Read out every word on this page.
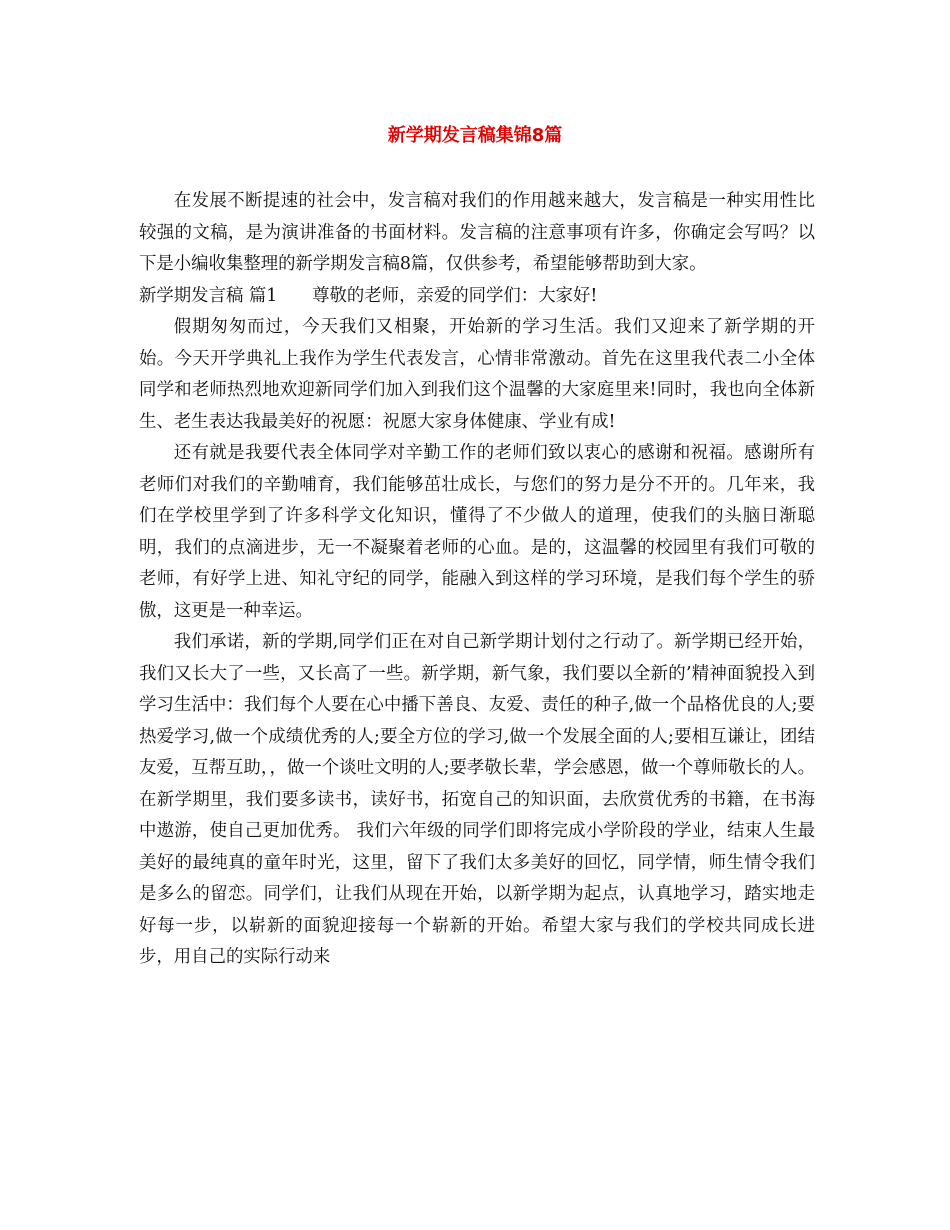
新学期发言稿集锦8篇

在发展不断提速的社会中，发言稿对我们的作用越来越大，发言稿是一种实用性比较强的文稿，是为演讲准备的书面材料。发言稿的注意事项有许多，你确定会写吗？以下是小编收集整理的新学期发言稿8篇，仅供参考，希望能够帮助到大家。

新学期发言稿 篇1　　尊敬的老师，亲爱的同学们：大家好!

假期匆匆而过，今天我们又相聚，开始新的学习生活。我们又迎来了新学期的开始。今天开学典礼上我作为学生代表发言，心情非常激动。首先在这里我代表二小全体同学和老师热烈地欢迎新同学们加入到我们这个温馨的大家庭里来!同时，我也向全体新生、老生表达我最美好的祝愿：祝愿大家身体健康、学业有成!

还有就是我要代表全体同学对辛勤工作的老师们致以衷心的感谢和祝福。感谢所有老师们对我们的辛勤哺育，我们能够茁壮成长，与您们的努力是分不开的。几年来，我们在学校里学到了许多科学文化知识，懂得了不少做人的道理，使我们的头脑日渐聪明，我们的点滴进步，无一不凝聚着老师的心血。是的，这温馨的校园里有我们可敬的老师，有好学上进、知礼守纪的同学，能融入到这样的学习环境，是我们每个学生的骄傲，这更是一种幸运。

我们承诺，新的学期,同学们正在对自己新学期计划付之行动了。新学期已经开始，我们又长大了一些，又长高了一些。新学期，新气象，我们要以全新的’精神面貌投入到学习生活中：我们每个人要在心中播下善良、友爱、责任的种子,做一个品格优良的人;要热爱学习,做一个成绩优秀的人;要全方位的学习,做一个发展全面的人;要相互谦让，团结友爱，互帮互助，，做一个谈吐文明的人;要孝敬长辈，学会感恩，做一个尊师敬长的人。在新学期里，我们要多读书，读好书，拓宽自己的知识面，去欣赏优秀的书籍，在书海中遨游，使自己更加优秀。 我们六年级的同学们即将完成小学阶段的学业，结束人生最美好的最纯真的童年时光，这里，留下了我们太多美好的回忆，同学情，师生情令我们是多么的留恋。同学们，让我们从现在开始，以新学期为起点，认真地学习，踏实地走好每一步，以崭新的面貌迎接每一个崭新的开始。希望大家与我们的学校共同成长进步，用自己的实际行动来
